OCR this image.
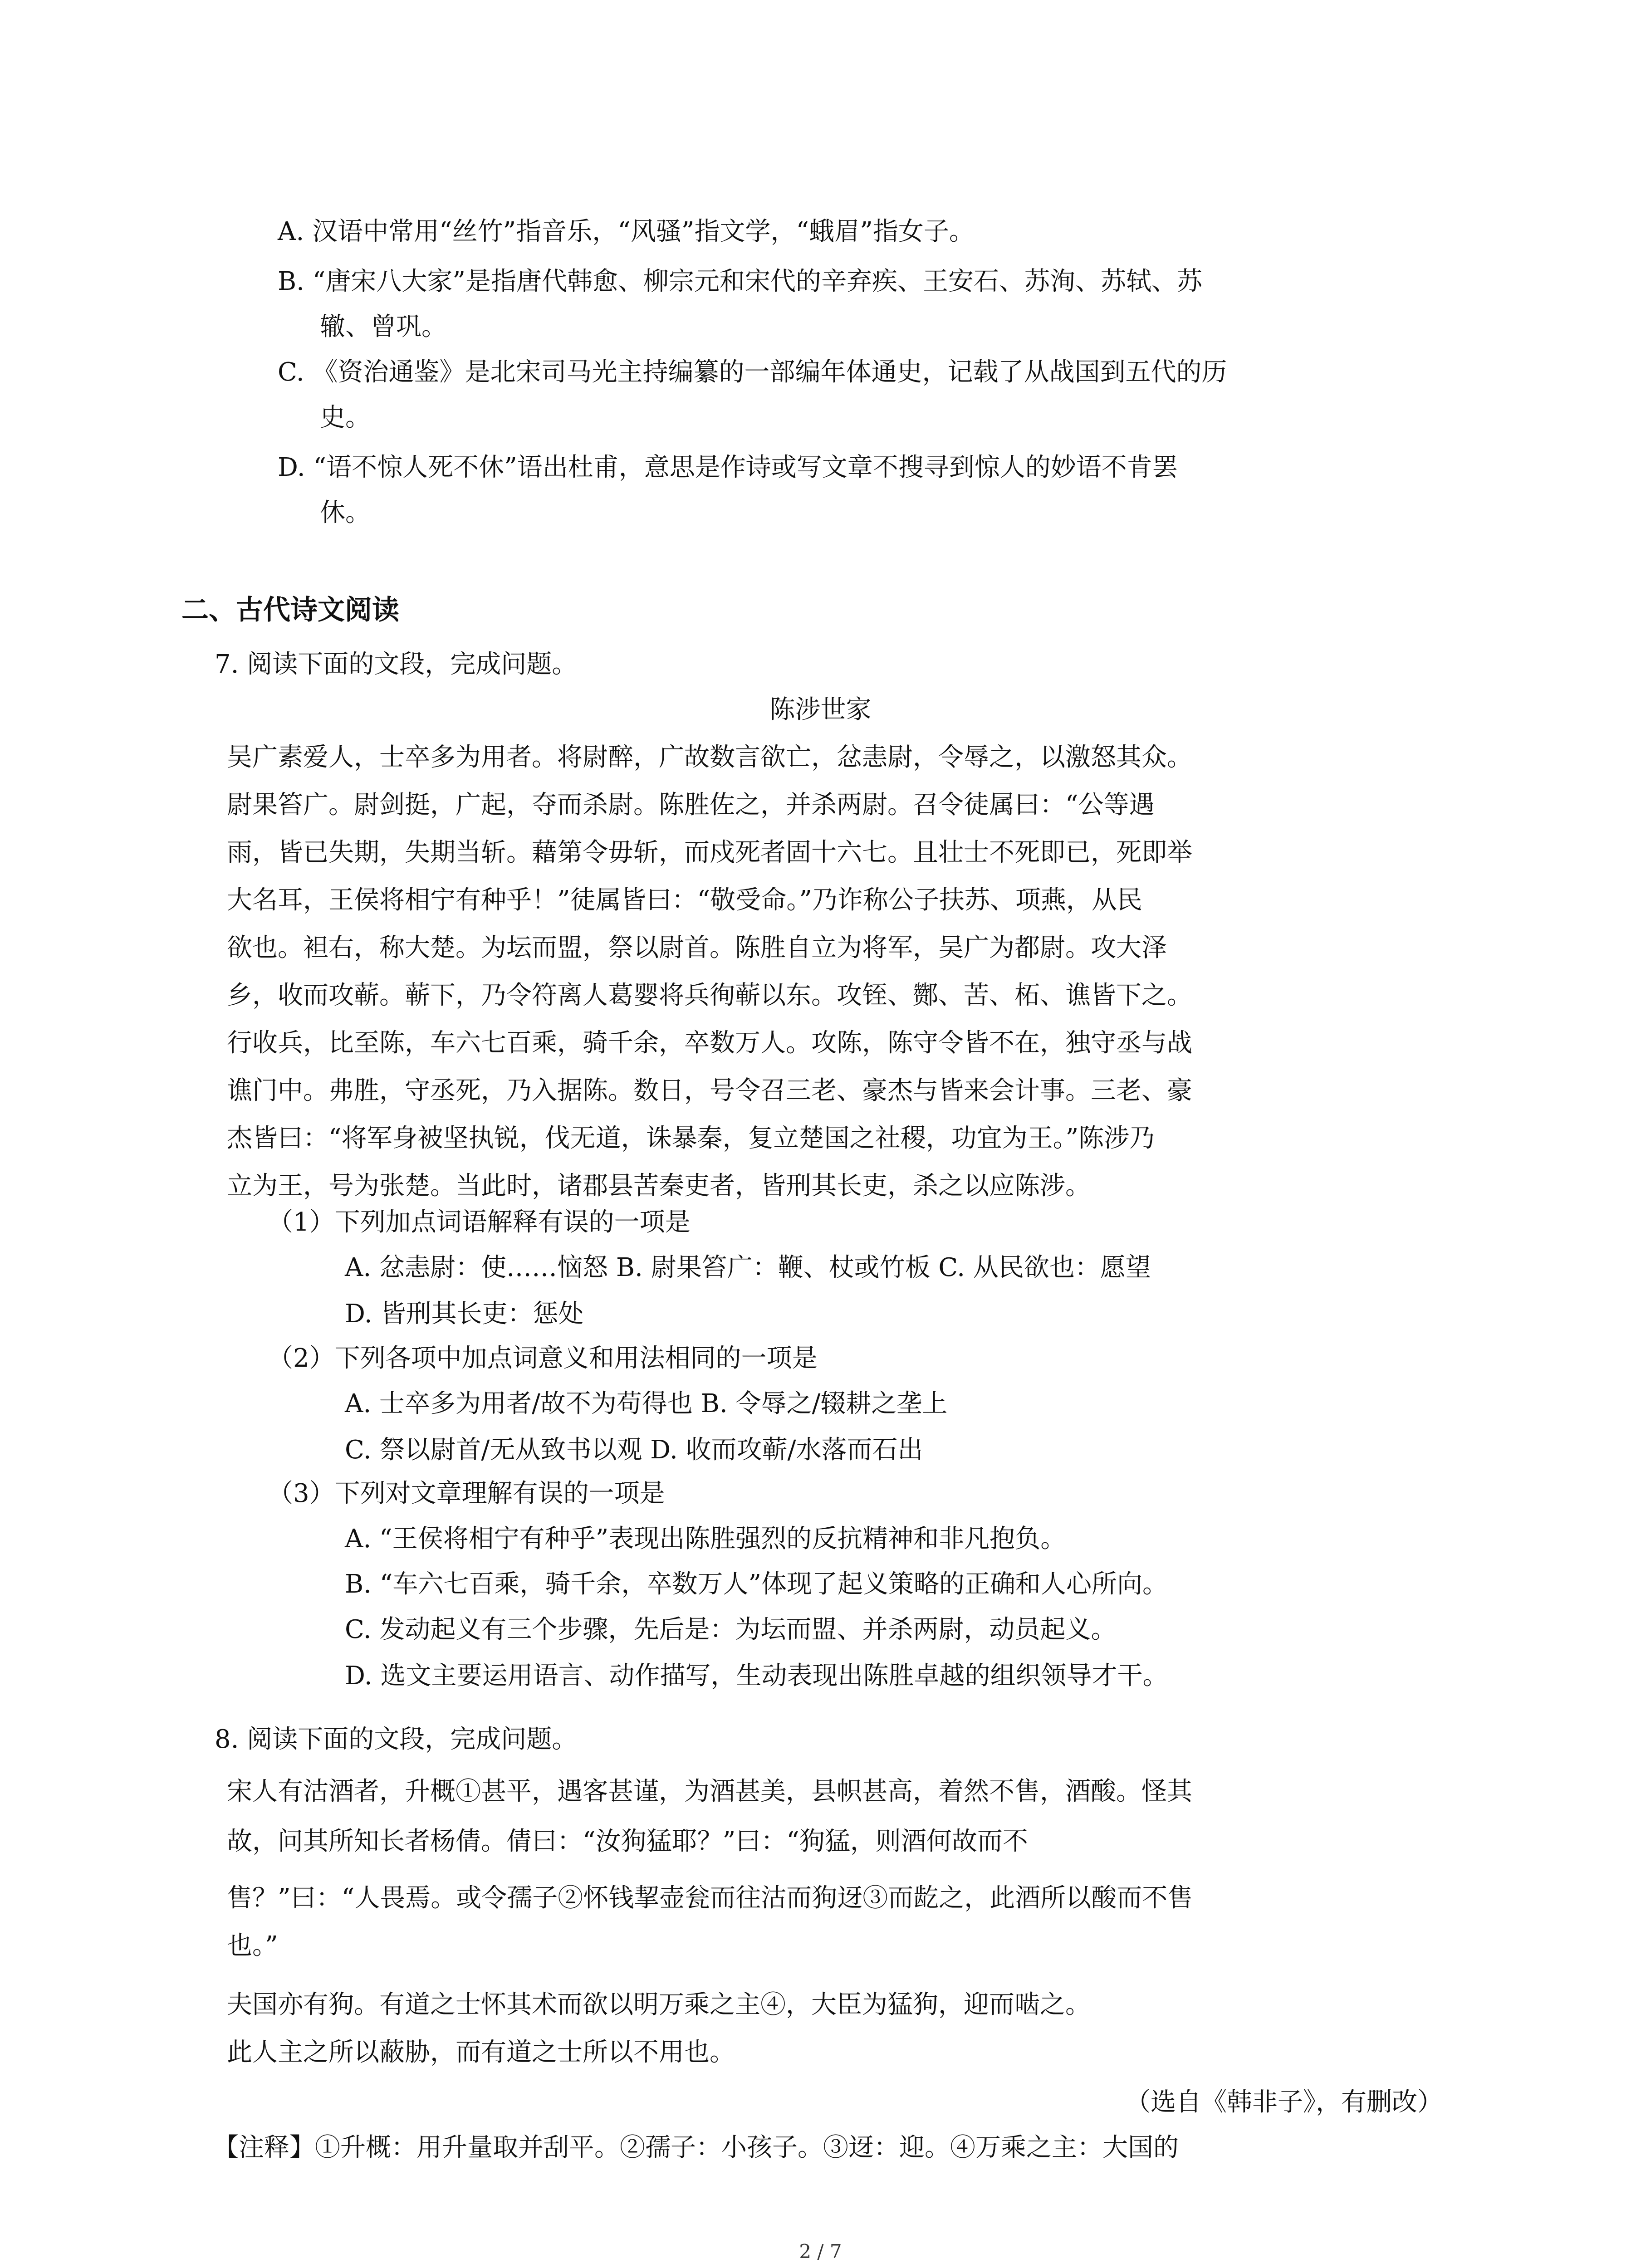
A. 汉语中常用“丝竹”指音乐，“风骚”指文学，“蛾眉”指女子。
B. “唐宋八大家”是指唐代韩愈、柳宗元和宋代的辛弃疾、王安石、苏洵、苏轼、苏
辙、曾巩。
C. 《资治通鉴》是北宋司马光主持编纂的一部编年体通史，记载了从战国到五代的历
史。
D. “语不惊人死不休”语出杜甫，意思是作诗或写文章不搜寻到惊人的妙语不肯罢
休。
二、古代诗文阅读
7. 阅读下面的文段，完成问题。
陈涉世家
吴广素爱人，士卒多为用者。将尉醉，广故数言欲亡，忿恚尉，令辱之，以激怒其众。
尉果笞广。尉剑挺，广起，夺而杀尉。陈胜佐之，并杀两尉。召令徒属曰：“公等遇
雨，皆已失期，失期当斩。藉第令毋斩，而戍死者固十六七。且壮士不死即已，死即举
大名耳，王侯将相宁有种乎！”徒属皆曰：“敬受命。”乃诈称公子扶苏、项燕，从民
欲也。袒右，称大楚。为坛而盟，祭以尉首。陈胜自立为将军，吴广为都尉。攻大泽
乡，收而攻蕲。蕲下，乃令符离人葛婴将兵徇蕲以东。攻铚、酂、苦、柘、谯皆下之。
行收兵，比至陈，车六七百乘，骑千余，卒数万人。攻陈，陈守令皆不在，独守丞与战
谯门中。弗胜，守丞死，乃入据陈。数日，号令召三老、豪杰与皆来会计事。三老、豪
杰皆曰：“将军身被坚执锐，伐无道，诛暴秦，复立楚国之社稷，功宜为王。”陈涉乃
立为王，号为张楚。当此时，诸郡县苦秦吏者，皆刑其长吏，杀之以应陈涉。
（1）下列加点词语解释有误的一项是
A. 忿恚尉：使……恼怒 B. 尉果笞广：鞭、杖或竹板 C. 从民欲也：愿望
D. 皆刑其长吏：惩处
（2）下列各项中加点词意义和用法相同的一项是
A. 士卒多为用者/故不为苟得也 B. 令辱之/辍耕之垄上
C. 祭以尉首/无从致书以观 D. 收而攻蕲/水落而石出
（3）下列对文章理解有误的一项是
A. “王侯将相宁有种乎”表现出陈胜强烈的反抗精神和非凡抱负。
B. “车六七百乘，骑千余，卒数万人”体现了起义策略的正确和人心所向。
C. 发动起义有三个步骤，先后是：为坛而盟、并杀两尉，动员起义。
D. 选文主要运用语言、动作描写，生动表现出陈胜卓越的组织领导才干。
8. 阅读下面的文段，完成问题。
宋人有沽酒者，升概①甚平，遇客甚谨，为酒甚美，县帜甚高，着然不售，酒酸。怪其
故，问其所知长者杨倩。倩曰：“汝狗猛耶？”曰：“狗猛，则酒何故而不
售？”曰：“人畏焉。或令孺子②怀钱挈壶瓮而往沽而狗迓③而龁之，此酒所以酸而不售
也。”
夫国亦有狗。有道之士怀其术而欲以明万乘之主④，大臣为猛狗，迎而啮之。
此人主之所以蔽胁，而有道之士所以不用也。
（选自《韩非子》，有删改）
【注释】①升概：用升量取并刮平。②孺子：小孩子。③迓：迎。④万乘之主：大国的
2 / 7
